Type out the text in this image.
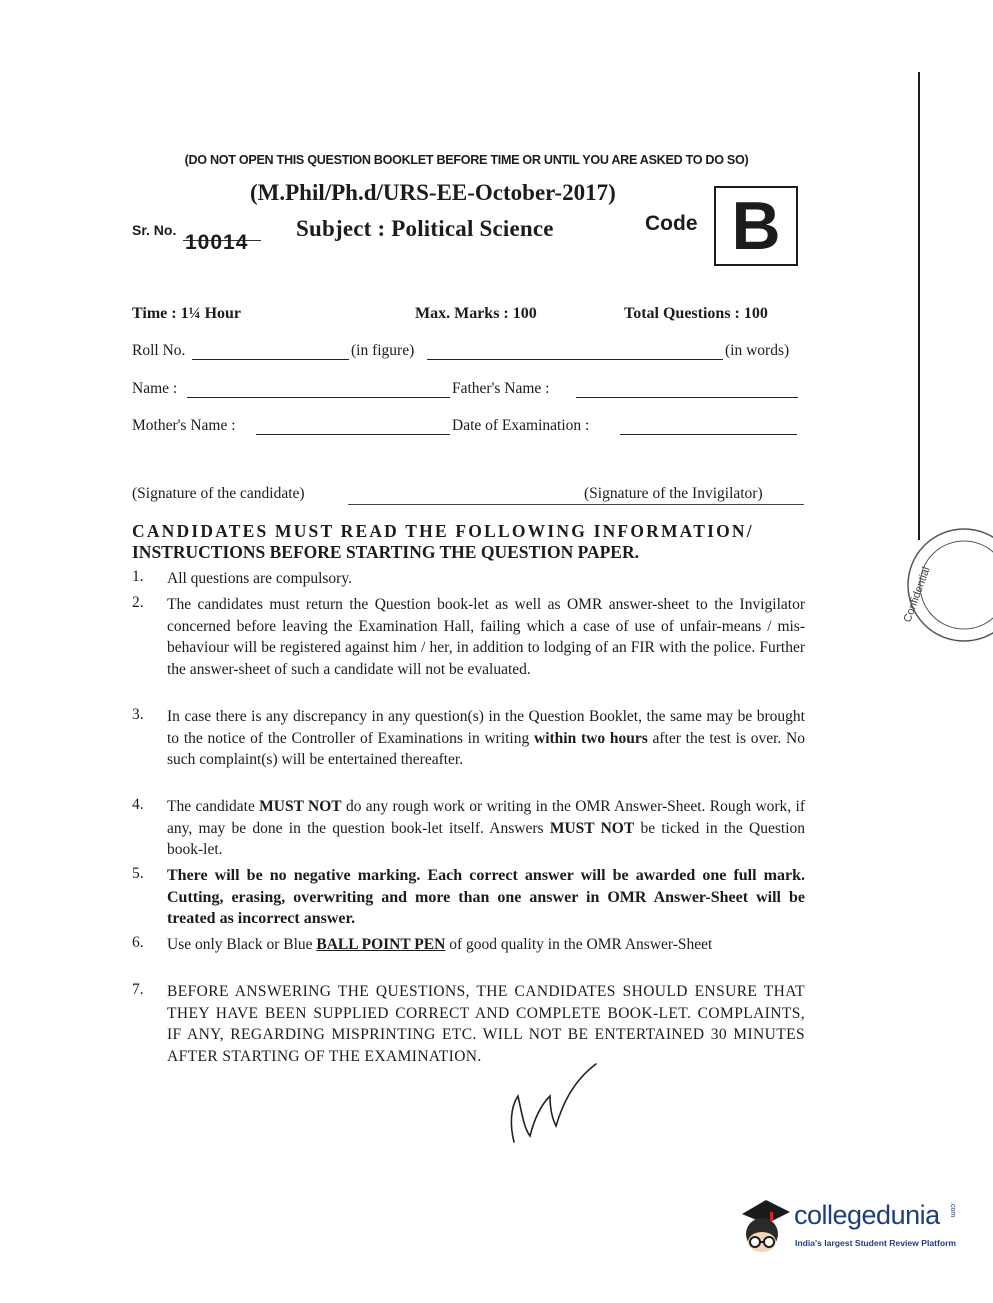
(DO NOT OPEN THIS QUESTION BOOKLET BEFORE TIME OR UNTIL YOU ARE ASKED TO DO SO)
(M.Phil/Ph.d/URS-EE-October-2017)
Sr. No.
10014
Subject : Political Science	Code B
Time : 1¼ Hour	Max. Marks : 100	Total Questions : 100
Roll No.	(in figure)	(in words)
Name :	Father's Name :
Mother's Name :	Date of Examination :
(Signature of the candidate)	(Signature of the Invigilator)
CANDIDATES MUST READ THE FOLLOWING INFORMATION/
INSTRUCTIONS BEFORE STARTING THE QUESTION PAPER.
1. All questions are compulsory.
2. The candidates must return the Question book-let as well as OMR answer-sheet to the Invigilator concerned before leaving the Examination Hall, failing which a case of use of unfair-means / mis-behaviour will be registered against him / her, in addition to lodging of an FIR with the police. Further the answer-sheet of such a candidate will not be evaluated.
3. In case there is any discrepancy in any question(s) in the Question Booklet, the same may be brought to the notice of the Controller of Examinations in writing within two hours after the test is over. No such complaint(s) will be entertained thereafter.
4. The candidate MUST NOT do any rough work or writing in the OMR Answer-Sheet. Rough work, if any, may be done in the question book-let itself. Answers MUST NOT be ticked in the Question book-let.
5. There will be no negative marking. Each correct answer will be awarded one full mark. Cutting, erasing, overwriting and more than one answer in OMR Answer-Sheet will be treated as incorrect answer.
6. Use only Black or Blue BALL POINT PEN of good quality in the OMR Answer-Sheet
7. BEFORE ANSWERING THE QUESTIONS, THE CANDIDATES SHOULD ENSURE THAT THEY HAVE BEEN SUPPLIED CORRECT AND COMPLETE BOOK-LET. COMPLAINTS, IF ANY, REGARDING MISPRINTING ETC. WILL NOT BE ENTERTAINED 30 MINUTES AFTER STARTING OF THE EXAMINATION.
Confidential
collegedunia .com
India's largest Student Review Platform
